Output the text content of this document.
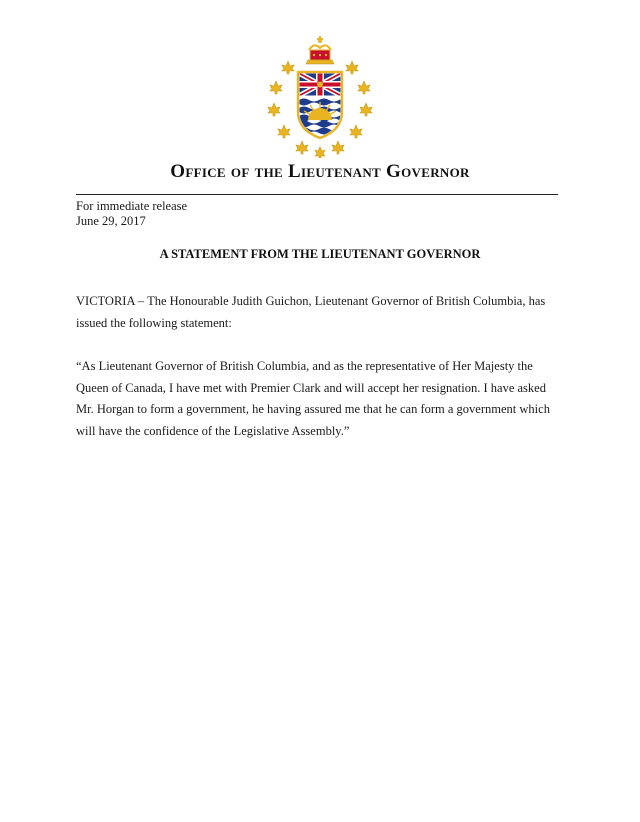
Office of the Lieutenant Governor
For immediate release
June 29, 2017
A STATEMENT FROM THE LIEUTENANT GOVERNOR
VICTORIA – The Honourable Judith Guichon, Lieutenant Governor of British Columbia, has
issued the following statement:
“As Lieutenant Governor of British Columbia, and as the representative of Her Majesty the
Queen of Canada, I have met with Premier Clark and will accept her resignation. I have asked
Mr. Horgan to form a government, he having assured me that he can form a government which
will have the confidence of the Legislative Assembly.”
